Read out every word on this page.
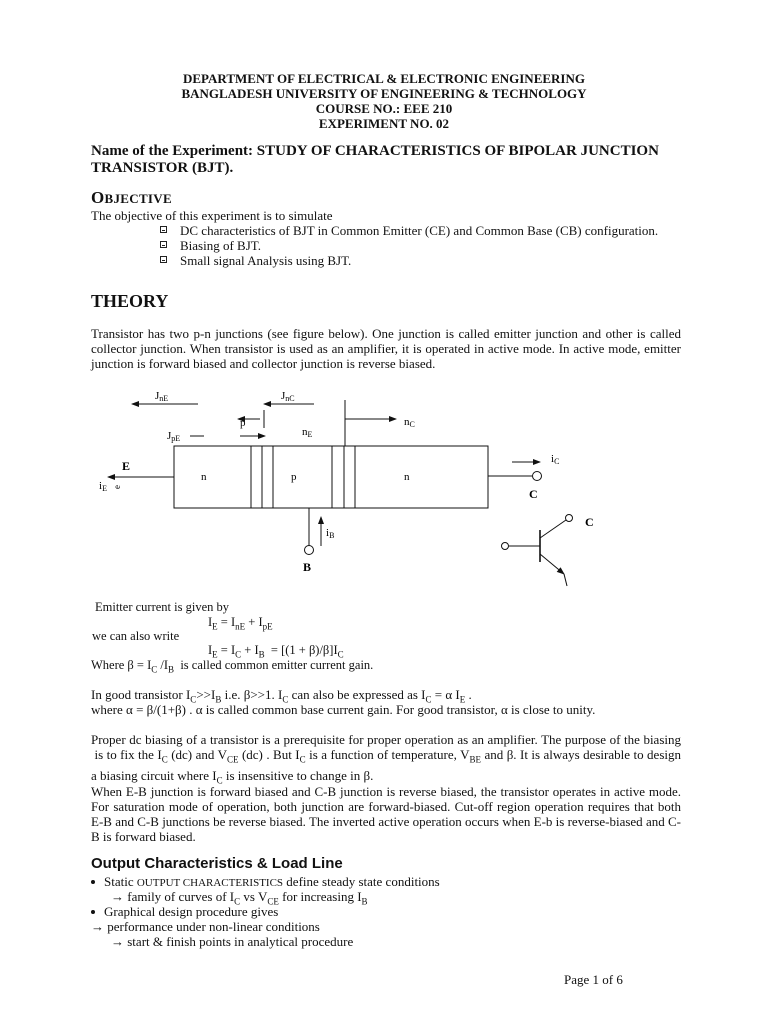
DEPARTMENT OF ELECTRICAL & ELECTRONIC ENGINEERING
BANGLADESH UNIVERSITY OF ENGINEERING & TECHNOLOGY
COURSE NO.: EEE 210
EXPERIMENT NO. 02
Name of the Experiment: STUDY OF CHARACTERISTICS OF BIPOLAR JUNCTION TRANSISTOR (BJT).
OBJECTIVE
The objective of this experiment is to simulate
DC characteristics of BJT in Common Emitter (CE) and Common Base (CB) configuration.
Biasing of BJT.
Small signal Analysis using BJT.
THEORY
Transistor has two p-n junctions (see figure below). One junction is called emitter junction and other is called collector junction. When transistor is used as an amplifier, it is operated in active mode. In active mode, emitter junction is forward biased and collector junction is reverse biased.
JnE	JnC
p
JpE
nE
nC
n	p	n
E
e
iE
iC
C
iB
B
C
Emitter current is given by
$I_E = I_{nE} + I_{pE}$
we can also write
$I_E = I_C + I_B = [(1 + \beta)/\beta]I_C$
Where $\beta = I_C$ $/I_B$  is called common emitter current gain.
In good transistor $I_C>>I_B$ i.e. β>>1. $I_C$ can also be expressed as $I_C = \alpha$ $I_E$ .
where α = β/(1+β) . α is called common base current gain. For good transistor, α is close to unity.
Proper dc biasing of a transistor is a prerequisite for proper operation as an amplifier. The purpose of the biasing  is to fix the $I_C$ (dc) and $V_{CE}$ (dc) . But $I_C$ is a function of temperature, $V_{BE}$ and β. It is always desirable to design a biasing circuit where $I_C$ is insensitive to change in β.
When E-B junction is forward biased and C-B junction is reverse biased, the transistor operates in active mode. For saturation mode of operation, both junction are forward-biased. Cut-off region operation requires that both E-B and C-B junctions be reverse biased. The inverted active operation occurs when E-b is reverse-biased and C-B is forward biased.
Output Characteristics & Load Line
Static OUTPUT CHARACTERISTICS define steady state conditions
→ family of curves of $I_C$ vs $V_{CE}$ for increasing $I_B$
Graphical design procedure gives
→ performance under non-linear conditions
→ start & finish points in analytical procedure
Page 1 of 6
